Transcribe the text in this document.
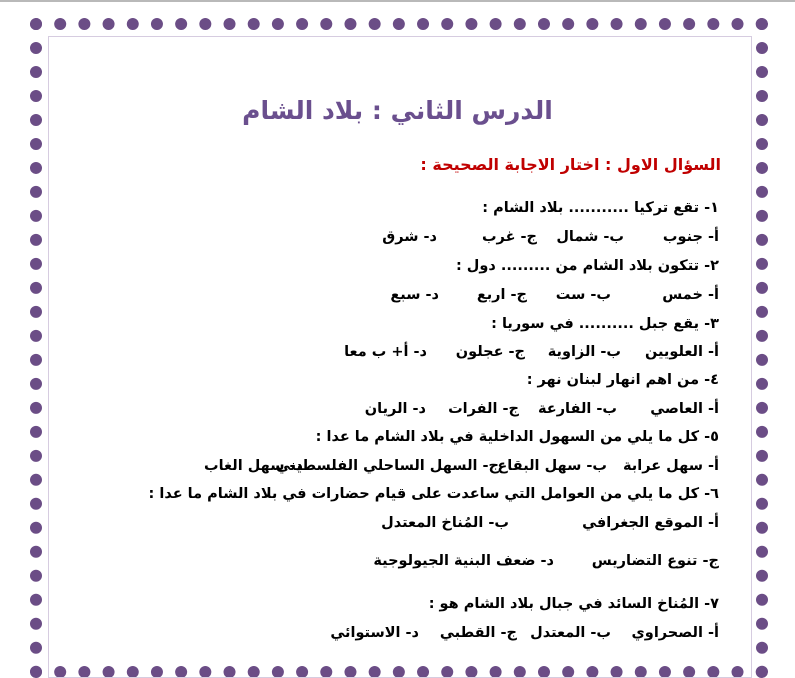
الدرس الثاني : بلاد الشام
السؤال الاول : اختار الاجابة الصحيحة :
١- تقع تركيا ........... بلاد الشام :
أ- جنوب
ب- شمال
ج- غرب
د- شرق
٢- تتكون بلاد الشام من ......... دول :
أ- خمس
ب- ست
ج- اربع
د- سبع
٣- يقع جبل .......... في سوريا :
أ- العلويين
ب- الزاوية
ج- عجلون
د- أ+ ب معا
٤- من اهم انهار لبنان نهر :
أ- العاصي
ب- الفارعة
ج- الفرات
د- الريان
٥- كل ما يلي من السهول الداخلية في بلاد الشام ما عدا :
أ- سهل عرابة
ب- سهل البقاع
ج- السهل الساحلي الفلسطيني
د- سهل الغاب
٦- كل ما يلي من العوامل التي ساعدت على قيام حضارات في بلاد الشام ما عدا :
أ- الموقع الجغرافي
ب- المُناخ المعتدل
ج- تنوع التضاريس
د- ضعف البنية الجيولوجية
٧- المُناخ السائد في جبال بلاد الشام هو :
أ- الصحراوي
ب- المعتدل
ج- القطبي
د- الاستوائي
